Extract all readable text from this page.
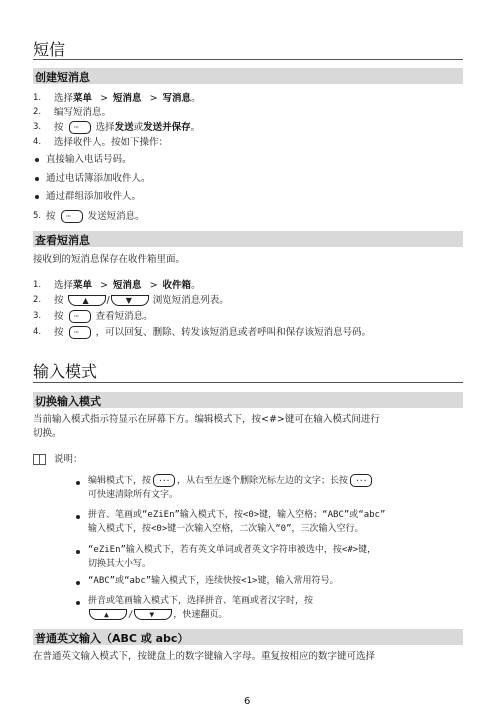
短信
创建短消息
1. 选择菜单 > 短消息 > 写消息。
2. 编写短消息。
3. 按 ··· 选择发送或发送并保存。
4. 选择收件人。按如下操作：
直接输入电话号码。
通过电话簿添加收件人。
通过群组添加收件人。
5. 按 ··· 发送短消息。
查看短消息
接收到的短消息保存在收件箱里面。
1. 选择菜单 > 短消息 > 收件箱。
2. 按 ▲ / ▼ 浏览短消息列表。
3. 按 ··· 查看短消息。
4. 按 ··· ，可以回复、删除、转发该短消息或者呼叫和保存该短消息号码。
输入模式
切换输入模式
当前输入模式指示符显示在屏幕下方。编辑模式下，按<#>键可在输入模式间进行
切换。
说明：
编辑模式下，按 ··· ，从右至左逐个删除光标左边的文字；长按 ···
可快速清除所有文字。
拼音、笔画或“eZiEn”输入模式下，按<0>键，输入空格；“ABC”或“abc”
输入模式下，按<0>键一次输入空格，二次输入“0”，三次输入空行。
“eZiEn”输入模式下，若有英文单词或者英文字符串被选中，按<#>键，
切换其大小写。
“ABC”或“abc”输入模式下，连续快按<1>键，输入常用符号。
拼音或笔画输入模式下，选择拼音、笔画或者汉字时，按
▲ / ▼ ，快速翻页。
普通英文输入（ABC 或 abc）
在普通英文输入模式下，按键盘上的数字键输入字母。重复按相应的数字键可选择
6
